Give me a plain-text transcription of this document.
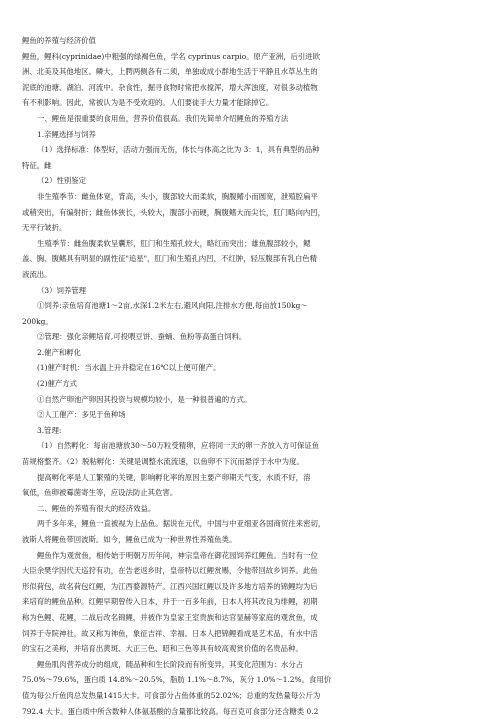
鲤鱼的养殖与经济价值
鲤鱼，鲤科(cyprinidae)中粗强的绿褐色鱼，学名 cyprinus carpio。原产亚洲，后引进欧
洲、北美及其他地区。鳞大，上腭两侧各有二须，单独或成小群地生活于平静且水草丛生的
泥底的池塘、湖泊、河流中。杂食性，掘寻食物时常把水搅浑，增大浑浊度，对很多动植物
有不利影响。因此，常被认为是不受欢迎的。人们要徒手大力量才能除掉它。
一、鲤鱼是很重要的食用鱼，营养价值很高。我们先简单介绍鲤鱼的养殖方法
1.亲鲤选择与饲养
（1）选择标准：体型好，活动力强而无伤，体长与体高之比为 3：1，具有典型的品种
特征。雌
（2）性别鉴定
非生殖季节：雌鱼体宽，背高，头小，腹部较大而柔软，胸腹鳍小而圆宽，泄殖腔扁平
或稍突出，有编射折；雌鱼体狭长，头较大，腹部小而硬，胸腹鳍大而尖长，肛门略向内凹，
无平行皱折。
生殖季节：雌鱼腹柔软呈囊形，肛门和生殖孔较大，略红而突出；雄鱼腹部较小，鳃
盖、胸、腹鳍具有明显的副性征"追星"，肛门和生殖孔内凹，不红肿，轻压腹部有乳白色精
液流出。
（3）饲养管理
①饲养:亲鱼培育池塘1～2亩,水深1.2米左右,避风向阳,注排水方便,每亩放150kg～
200kg。
②管理：强化亲鲤培育,可投喂豆饼、蚕蛹、鱼粉等高蛋白饲料。
2.催产和孵化
(1)催产时机：当水温上升并稳定在16℃以上便可催产。
(2)催产方式
①自然产卵池产卵因其投资与规模均较小，是一种很普遍的方式。
②人工催产：多见于鱼种场
3.管理:
（1）自然孵化：每亩池塘放30～50万粒受精卵，应将同一天的卵一齐放入方可保证鱼
苗规格整齐。（2）脱粘孵化：关键是调整水流流速，以鱼卵不下沉而悬浮于水中为度。
提高孵化率是人工繁殖的关键，影响孵化率的原因主要产卵期天气变，水质不好，溶
氧低，鱼卵被霉菌寄生等，应设法防止其危害。
二、鲤鱼的养殖有很大的经济效益。
两千多年来，鲤鱼一直被视为上品鱼。据说在元代，中国与中亚细亚各国商贸往来密切，
波斯人将鲤鱼带回波斯。如今，鲤鱼已成为一种世界性养殖鱼类。
鲤鱼作为观赏鱼，相传始于明朝万历年间，神宗皇帝在御花园饲养红鲤鱼。当时有一位
大臣余樊学因代天巡狩有功，在告老返乡时，皇帝特以红鲤赏赐，令他带回故乡饲养。此鱼
形似荷包，故名荷包红鲤，为江西婺源特产。江西兴国红鲤以及许多地方培养的锦鲤均为后
来培育的鲤鱼品种。红鲤早期曾传入日本，并于一百多年前，日本人将其改良为绯鲤，初期
称为色鲤、花鲤，二战后改名锦鲤，并被作为皇家王室贵族和达官显赫等家庭的观赏鱼，成
饲养于寺院神社，故又称为神鱼，象征吉祥、幸福。日本人把锦鲤看成是艺术品，有水中活
的宝石之美称，并培育出黄斑、大正三色、昭和三色等具有较高观赏价值的名贵品种。
鲤鱼肌肉营养成分的组成，随品种和生长阶段而有所变异，其变化范围为：水分占
75.0%～79.6%，蛋白质 14.8%～20.5%，脂肪 1.1%～8.7%，灰分 1.0%～1.2%。食用价
值为每公斤鱼肉总发热量1415大卡。可食部分占鱼体重的52.02%；总重的发热量每公斤为
792.4 大卡。蛋白质中所含数种人体氨基酸的含量都比较高。每百克可食部分还含糖类 0.2
